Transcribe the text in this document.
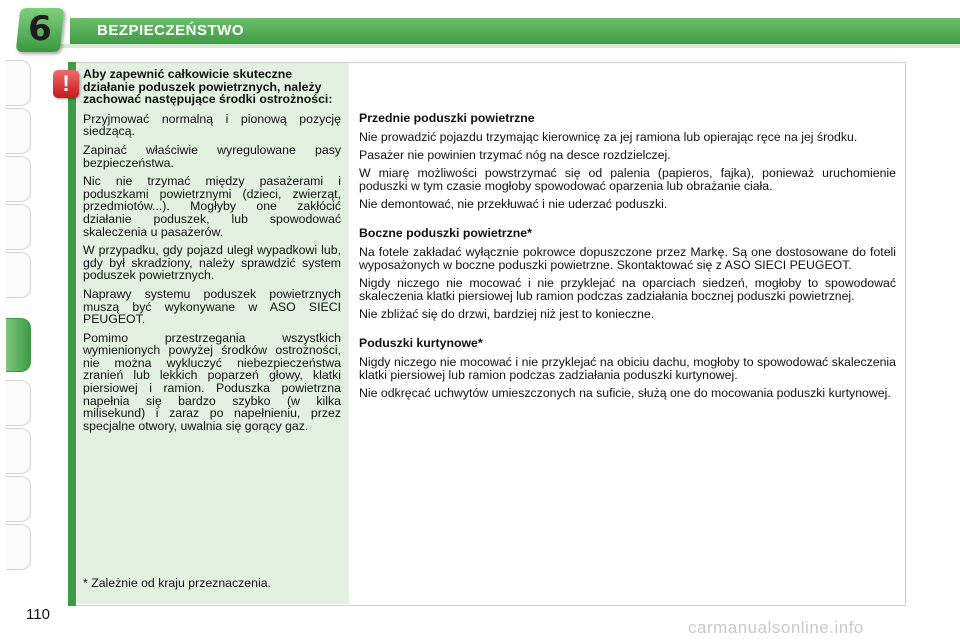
6	BEZPIECZEŃSTWO
!	Aby zapewnić całkowicie skuteczne działanie poduszek powietrznych, należy zachować następujące środki ostrożności:

Przyjmować normalną i pionową pozycję siedzącą.

Zapinać właściwie wyregulowane pasy bezpieczeństwa.

Nic nie trzymać między pasażerami i poduszkami powietrznymi (dzieci, zwierząt, przedmiotów...). Mogłyby one zakłócić działanie poduszek, lub spowodować skaleczenia u pasażerów.

W przypadku, gdy pojazd uległ wypadkowi lub, gdy był skradziony, należy sprawdzić system poduszek powietrznych.

Naprawy systemu poduszek powietrznych muszą być wykonywane w ASO SIECI PEUGEOT.

Pomimo przestrzegania wszystkich wymienionych powyżej środków ostrożności, nie można wykluczyć niebezpieczeństwa zranień lub lekkich poparzeń głowy, klatki piersiowej i ramion. Poduszka powietrzna napełnia się bardzo szybko (w kilka milisekund) i zaraz po napełnieniu, przez specjalne otwory, uwalnia się gorący gaz.

* Zależnie od kraju przeznaczenia.
Przednie poduszki powietrzne

Nie prowadzić pojazdu trzymając kierownicę za jej ramiona lub opierając ręce na jej środku.

Pasażer nie powinien trzymać nóg na desce rozdzielczej.

W miarę możliwości powstrzymać się od palenia (papieros, fajka), ponieważ uruchomienie poduszki w tym czasie mogłoby spowodować oparzenia lub obrażanie ciała.

Nie demontować, nie przekłuwać i nie uderzać poduszki.

Boczne poduszki powietrzne*

Na fotele zakładać wyłącznie pokrowce dopuszczone przez Markę. Są one dostosowane do foteli wyposażonych w boczne poduszki powietrzne. Skontaktować się z ASO SIECI PEUGEOT.

Nigdy niczego nie mocować i nie przyklejać na oparciach siedzeń, mogłoby to spowodować skaleczenia klatki piersiowej lub ramion podczas zadziałania bocznej poduszki powietrznej.

Nie zbliżać się do drzwi, bardziej niż jest to konieczne.

Poduszki kurtynowe*

Nigdy niczego nie mocować i nie przyklejać na obiciu dachu, mogłoby to spowodować skaleczenia klatki piersiowej lub ramion podczas zadziałania poduszki kurtynowej.

Nie odkręcać uchwytów umieszczonych na suficie, służą one do mocowania poduszki kurtynowej.

110
carmanualsonline.info
